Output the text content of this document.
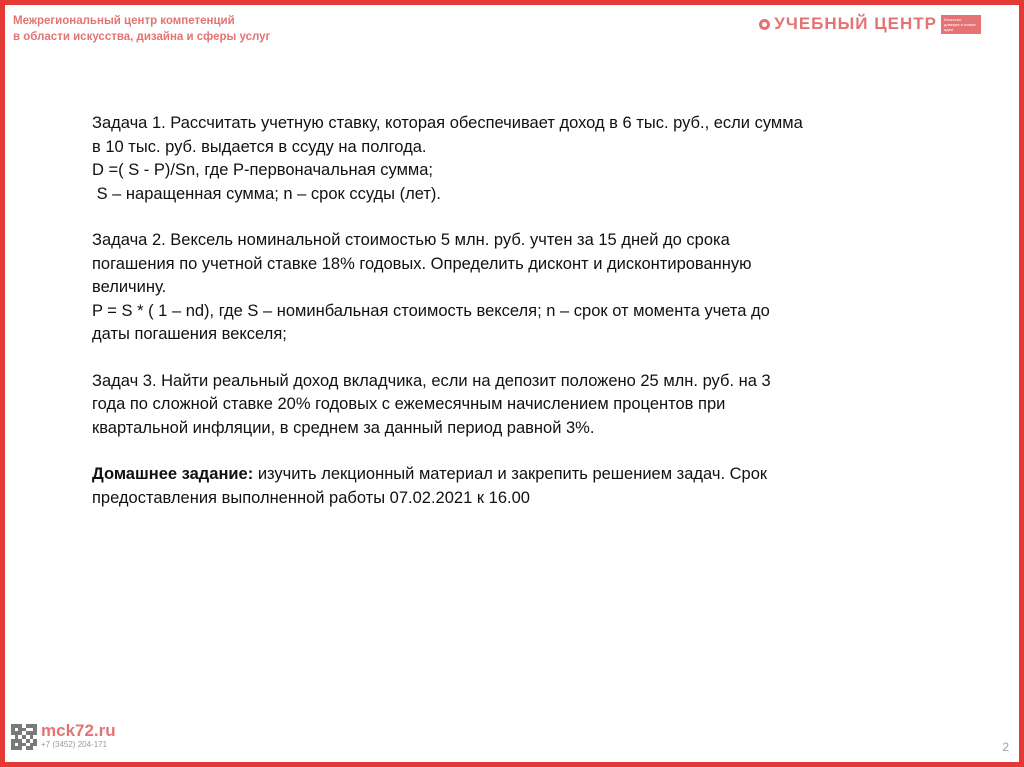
Межрегиональный центр компетенций
в области искусства, дизайна и сферы услуг
УЧЕБНЫЙ ЦЕНТР	Качество, доверие и новые идеи

Задача 1. Рассчитать учетную ставку, которая обеспечивает доход в 6 тыс. руб., если сумма

в 10 тыс. руб. выдается в ссуду на полгода.

D =( S - P)/Sn, где P-первоначальная сумма;

S – наращенная сумма; n – срок ссуды (лет).

Задача 2. Вексель номинальной стоимостью 5 млн. руб. учтен за 15 дней до срока

погашения по учетной ставке 18% годовых. Определить дисконт и дисконтированную

величину.

P = S * ( 1 – nd), где S – номинбальная стоимость векселя; n – срок от момента учета до

даты погашения векселя;

Задач 3. Найти реальный доход вкладчика, если на депозит положено 25 млн. руб. на 3

года по сложной ставке 20% годовых с ежемесячным начислением процентов при

квартальной инфляции, в среднем за данный период равной 3%.

Домашнее задание: изучить лекционный материал и закрепить решением задач. Срок

предоставления выполненной работы 07.02.2021 к 16.00

mck72.ru
+7 (3452) 204-171	2
